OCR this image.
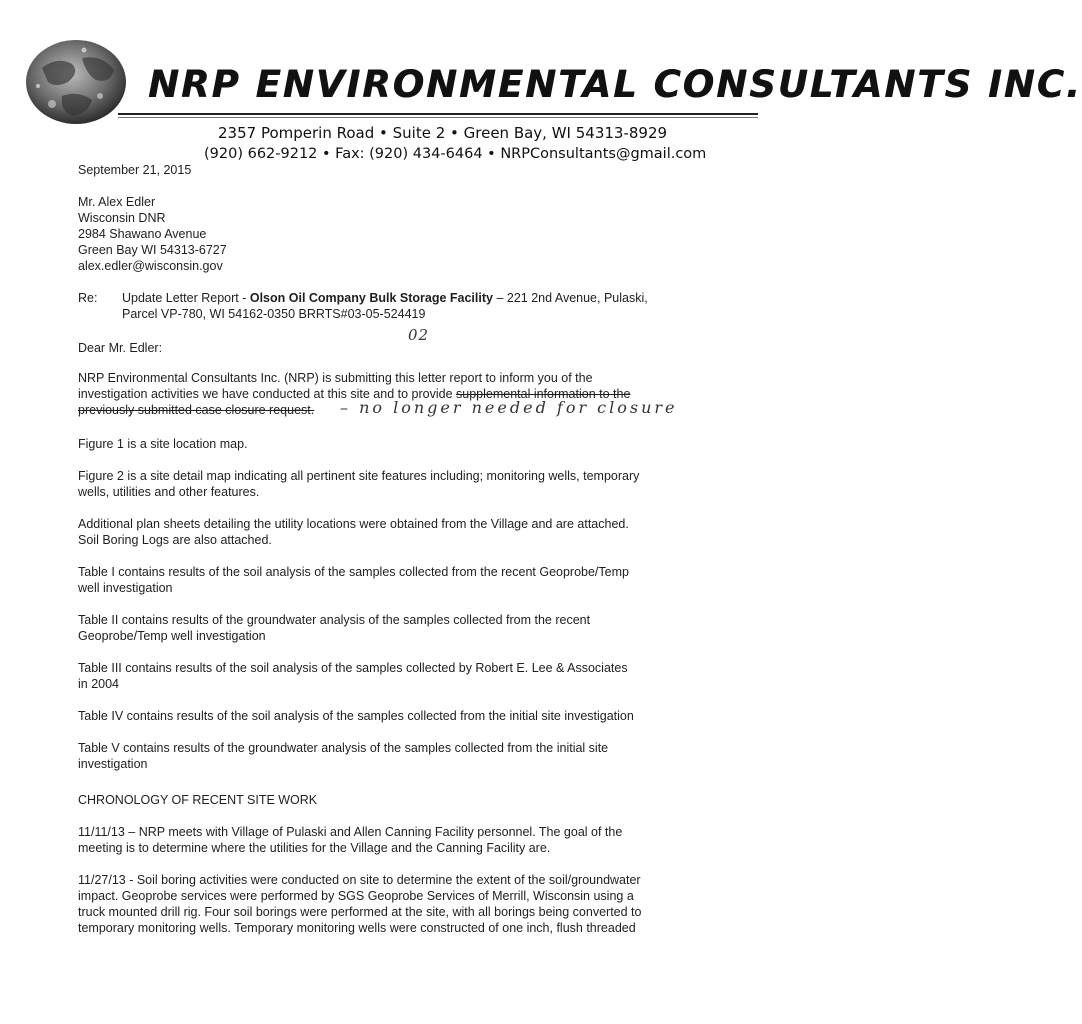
NRP ENVIRONMENTAL CONSULTANTS INC.
2357 Pomperin Road • Suite 2 • Green Bay, WI 54313-8929
(920) 662-9212 • Fax: (920) 434-6464 • NRPConsultants@gmail.com
September 21, 2015
Mr. Alex Edler
Wisconsin DNR
2984 Shawano Avenue
Green Bay WI 54313-6727
alex.edler@wisconsin.gov
Re: Update Letter Report - Olson Oil Company Bulk Storage Facility – 221 2nd Avenue, Pulaski,
Parcel VP-780, WI 54162-0350 BRRTS#03-05-524419
02
Dear Mr. Edler:
NRP Environmental Consultants Inc. (NRP) is submitting this letter report to inform you of the
investigation activities we have conducted at this site and to provide supplemental information to the
previously submitted case closure request. – no longer needed for closure
Figure 1 is a site location map.
Figure 2 is a site detail map indicating all pertinent site features including; monitoring wells, temporary
wells, utilities and other features.
Additional plan sheets detailing the utility locations were obtained from the Village and are attached.
Soil Boring Logs are also attached.
Table I contains results of the soil analysis of the samples collected from the recent Geoprobe/Temp
well investigation
Table II contains results of the groundwater analysis of the samples collected from the recent
Geoprobe/Temp well investigation
Table III contains results of the soil analysis of the samples collected by Robert E. Lee & Associates
in 2004
Table IV contains results of the soil analysis of the samples collected from the initial site investigation
Table V contains results of the groundwater analysis of the samples collected from the initial site
investigation
CHRONOLOGY OF RECENT SITE WORK
11/11/13 – NRP meets with Village of Pulaski and Allen Canning Facility personnel. The goal of the
meeting is to determine where the utilities for the Village and the Canning Facility are.
11/27/13 - Soil boring activities were conducted on site to determine the extent of the soil/groundwater
impact. Geoprobe services were performed by SGS Geoprobe Services of Merrill, Wisconsin using a
truck mounted drill rig. Four soil borings were performed at the site, with all borings being converted to
temporary monitoring wells. Temporary monitoring wells were constructed of one inch, flush threaded
